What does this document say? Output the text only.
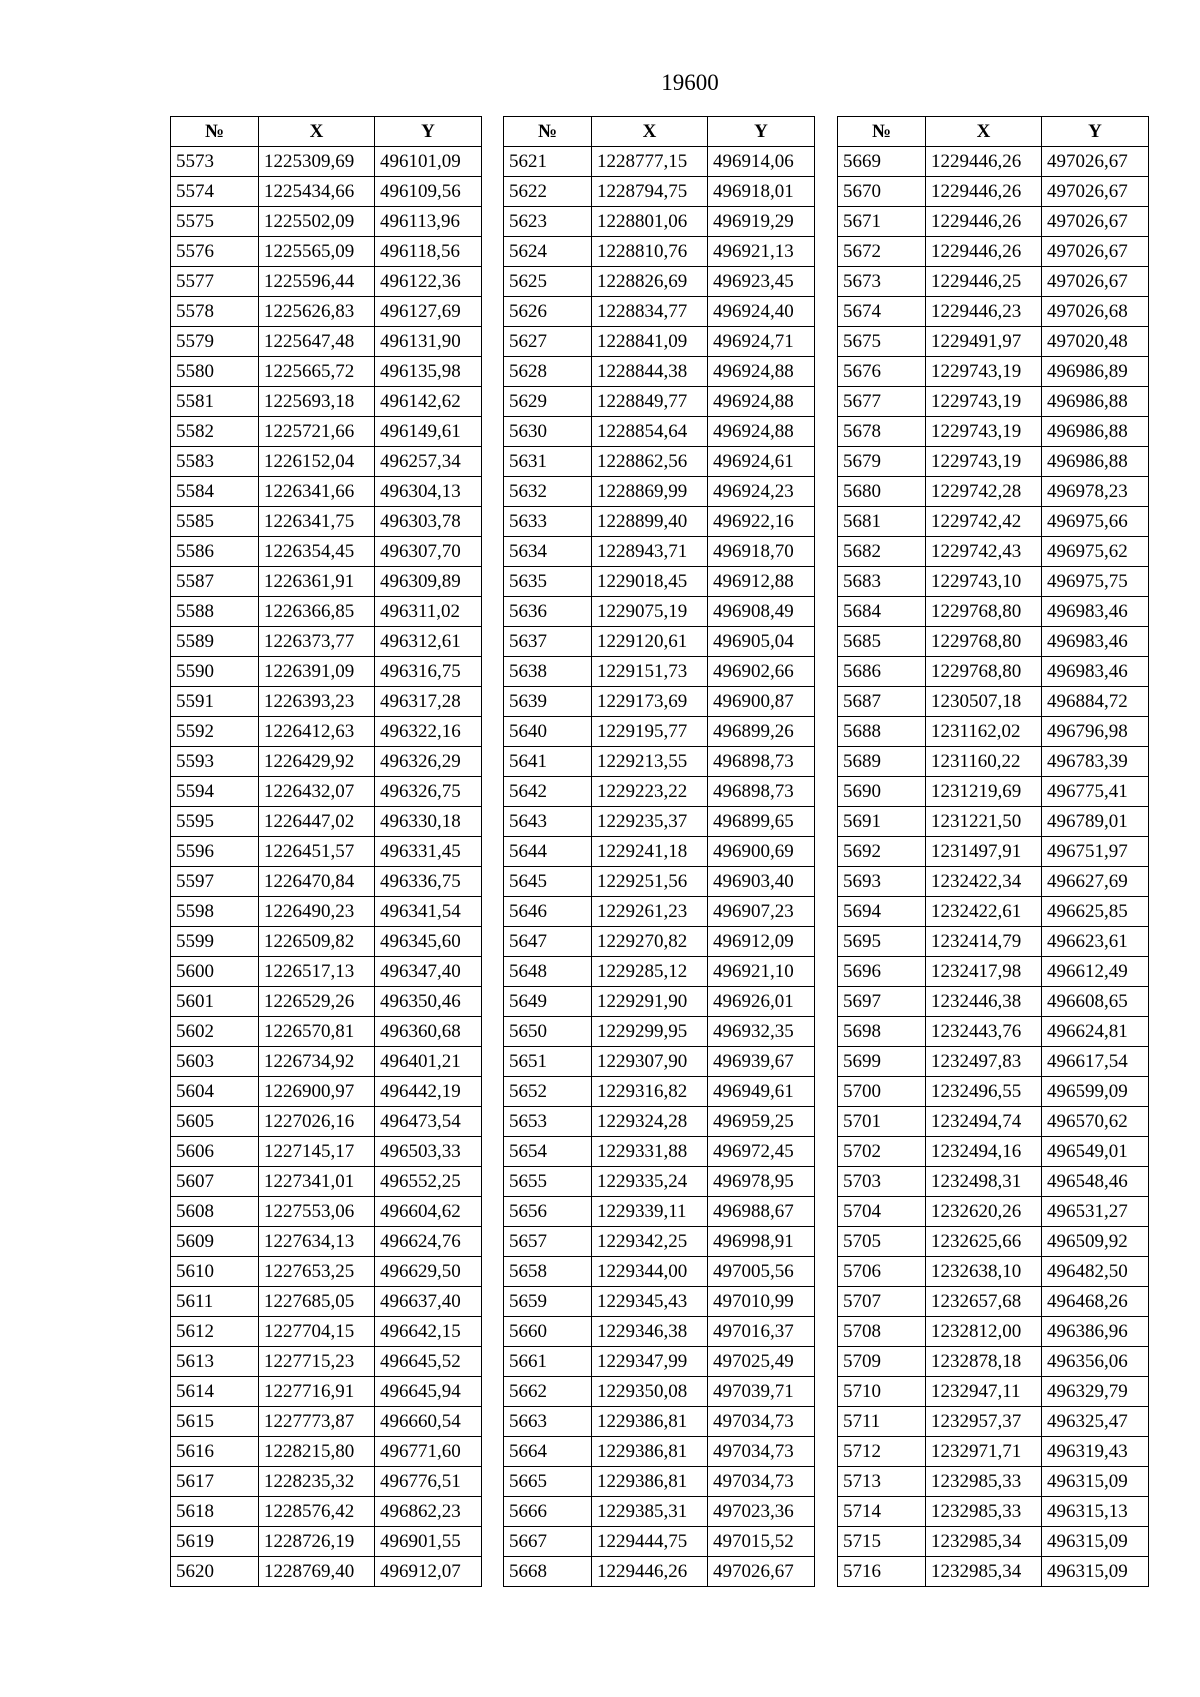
19600
№	X	Y
5573	1225309,69	496101,09
5574	1225434,66	496109,56
5575	1225502,09	496113,96
5576	1225565,09	496118,56
5577	1225596,44	496122,36
5578	1225626,83	496127,69
5579	1225647,48	496131,90
5580	1225665,72	496135,98
5581	1225693,18	496142,62
5582	1225721,66	496149,61
5583	1226152,04	496257,34
5584	1226341,66	496304,13
5585	1226341,75	496303,78
5586	1226354,45	496307,70
5587	1226361,91	496309,89
5588	1226366,85	496311,02
5589	1226373,77	496312,61
5590	1226391,09	496316,75
5591	1226393,23	496317,28
5592	1226412,63	496322,16
5593	1226429,92	496326,29
5594	1226432,07	496326,75
5595	1226447,02	496330,18
5596	1226451,57	496331,45
5597	1226470,84	496336,75
5598	1226490,23	496341,54
5599	1226509,82	496345,60
5600	1226517,13	496347,40
5601	1226529,26	496350,46
5602	1226570,81	496360,68
5603	1226734,92	496401,21
5604	1226900,97	496442,19
5605	1227026,16	496473,54
5606	1227145,17	496503,33
5607	1227341,01	496552,25
5608	1227553,06	496604,62
5609	1227634,13	496624,76
5610	1227653,25	496629,50
5611	1227685,05	496637,40
5612	1227704,15	496642,15
5613	1227715,23	496645,52
5614	1227716,91	496645,94
5615	1227773,87	496660,54
5616	1228215,80	496771,60
5617	1228235,32	496776,51
5618	1228576,42	496862,23
5619	1228726,19	496901,55
5620	1228769,40	496912,07
№	X	Y
5621	1228777,15	496914,06
5622	1228794,75	496918,01
5623	1228801,06	496919,29
5624	1228810,76	496921,13
5625	1228826,69	496923,45
5626	1228834,77	496924,40
5627	1228841,09	496924,71
5628	1228844,38	496924,88
5629	1228849,77	496924,88
5630	1228854,64	496924,88
5631	1228862,56	496924,61
5632	1228869,99	496924,23
5633	1228899,40	496922,16
5634	1228943,71	496918,70
5635	1229018,45	496912,88
5636	1229075,19	496908,49
5637	1229120,61	496905,04
5638	1229151,73	496902,66
5639	1229173,69	496900,87
5640	1229195,77	496899,26
5641	1229213,55	496898,73
5642	1229223,22	496898,73
5643	1229235,37	496899,65
5644	1229241,18	496900,69
5645	1229251,56	496903,40
5646	1229261,23	496907,23
5647	1229270,82	496912,09
5648	1229285,12	496921,10
5649	1229291,90	496926,01
5650	1229299,95	496932,35
5651	1229307,90	496939,67
5652	1229316,82	496949,61
5653	1229324,28	496959,25
5654	1229331,88	496972,45
5655	1229335,24	496978,95
5656	1229339,11	496988,67
5657	1229342,25	496998,91
5658	1229344,00	497005,56
5659	1229345,43	497010,99
5660	1229346,38	497016,37
5661	1229347,99	497025,49
5662	1229350,08	497039,71
5663	1229386,81	497034,73
5664	1229386,81	497034,73
5665	1229386,81	497034,73
5666	1229385,31	497023,36
5667	1229444,75	497015,52
5668	1229446,26	497026,67
№	X	Y
5669	1229446,26	497026,67
5670	1229446,26	497026,67
5671	1229446,26	497026,67
5672	1229446,26	497026,67
5673	1229446,25	497026,67
5674	1229446,23	497026,68
5675	1229491,97	497020,48
5676	1229743,19	496986,89
5677	1229743,19	496986,88
5678	1229743,19	496986,88
5679	1229743,19	496986,88
5680	1229742,28	496978,23
5681	1229742,42	496975,66
5682	1229742,43	496975,62
5683	1229743,10	496975,75
5684	1229768,80	496983,46
5685	1229768,80	496983,46
5686	1229768,80	496983,46
5687	1230507,18	496884,72
5688	1231162,02	496796,98
5689	1231160,22	496783,39
5690	1231219,69	496775,41
5691	1231221,50	496789,01
5692	1231497,91	496751,97
5693	1232422,34	496627,69
5694	1232422,61	496625,85
5695	1232414,79	496623,61
5696	1232417,98	496612,49
5697	1232446,38	496608,65
5698	1232443,76	496624,81
5699	1232497,83	496617,54
5700	1232496,55	496599,09
5701	1232494,74	496570,62
5702	1232494,16	496549,01
5703	1232498,31	496548,46
5704	1232620,26	496531,27
5705	1232625,66	496509,92
5706	1232638,10	496482,50
5707	1232657,68	496468,26
5708	1232812,00	496386,96
5709	1232878,18	496356,06
5710	1232947,11	496329,79
5711	1232957,37	496325,47
5712	1232971,71	496319,43
5713	1232985,33	496315,09
5714	1232985,33	496315,13
5715	1232985,34	496315,09
5716	1232985,34	496315,09
